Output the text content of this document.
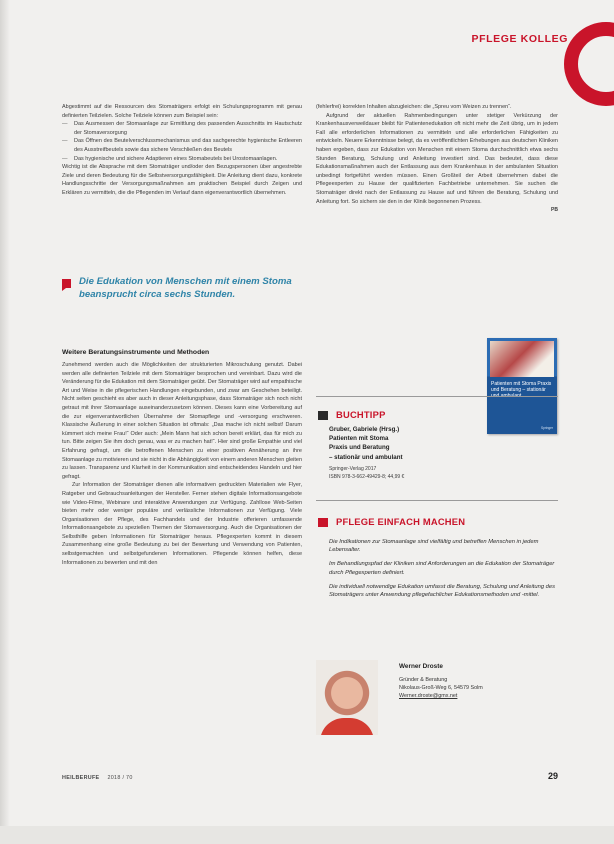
PFLEGE KOLLEG

Abgestimmt auf die Ressourcen des Stomaträgers erfolgt ein Schulungsprogramm mit genau definierten Teilzielen. Solche Teilziele können zum Beispiel sein:

— Das Ausmessen der Stomaanlage zur Ermittlung des passenden Ausschnitts im Hautschutz der Stomaversorgung
— Das Öffnen des Beutelverschlussmechanismus und das sachgerechte hygienische Entleeren des Ausstreifbeutels sowie das sichere Verschließen des Beutels
— Das hygienische und sichere Adaptieren eines Stomabeutels bei Urostomaanlagen.

Wichtig ist die Absprache mit dem Stomaträger und/oder den Bezugspersonen über angestrebte Ziele und deren Bedeutung für die Selbstversorgungsfähigkeit. Die Anleitung dient dazu, konkrete Handlungsschritte der Versorgungsmaßnahmen am praktischen Beispiel durch Zeigen und Erklären zu vermitteln, die die Pflegenden im Verlauf dann eigenverantwortlich übernehmen.

Die Edukation von Menschen mit einem Stoma beansprucht circa sechs Stunden.
Weitere Beratungsinstrumente und Methoden

Zunehmend werden auch die Möglichkeiten der strukturierten Mikroschulung genutzt. Dabei werden alle definierten Teilziele mit dem Stomaträger besprochen und vereinbart. Dazu wird die Veränderung für die Edukation mit dem Stomaträger geübt. Der Stomaträger wird auf empathische Art und Weise in die pflegerischen Handlungen eingebunden, und zwar am Geschehen beteiligt. Nicht selten geschieht es aber auch in dieser Anleitungsphase, dass Stomaträger sich noch nicht getraut mit ihrer Stomaanlage auseinanderzusetzen können. Dieses kann eine Vorbereitung auf die zur eigenverantwortlichen Übernahme der Stomapflege und -versorgung erschweren. Klassische Äußerung in einer solchen Situation ist oftmals: „Das mache ich nicht selbst! Darum kümmert sich meine Frau!“ Oder auch: „Mein Mann hat sich schon bereit erklärt, das für mich zu tun. Bitte zeigen Sie ihm doch genau, was er zu machen hat!“. Hier sind große Empathie und viel Erfahrung gefragt, um die betroffenen Menschen zu einer positiven Annäherung an ihre Stomaanlage zu motivieren und sie nicht in die Abhängigkeit von einem anderen Menschen gleiten zu lassen. Transparenz und Klarheit in der Kommunikation sind entscheidendes Handeln und hier gefragt.

Zur Information der Stomaträger dienen alle informativen gedruckten Materialien wie Flyer, Ratgeber und Gebrauchsanleitungen der Hersteller. Ferner stehen digitale Informationsangebote wie Video-Filme, Webinare und interaktive Anwendungen zur Verfügung. Zahllose Web-Seiten bieten mehr oder weniger populäre und verlässliche Informationen zur Verfügung. Viele Organisationen der Pflege, des Fachhandels und der Industrie offerieren umfassende Informationsangebote zu speziellen Themen der Stomaversorgung. Auch die Organisationen der Selbsthilfe geben Informationen für Stomaträger heraus. Pflegexperten kommt in diesem Zusammenhang eine große Bedeutung zu bei der Bewertung und Verwendung von Patienten, selbstgemachten und selbstgefundenen Informationen. Pflegende können helfen, diese Informationen zu bewerten und mit den

(fehlerfrei) korrekten Inhalten abzugleichen: die „Spreu vom Weizen zu trennen“.

Aufgrund der aktuellen Rahmenbedingungen unter stetiger Verkürzung der Krankenhausverweildauer bleibt für Patientenedukation oft nicht mehr die Zeit übrig, um in jedem Fall alle erforderlichen Informationen zu vermitteln und alle erforderlichen Fähigkeiten zu entwickeln. Neuere Erkenntnisse belegt, da es veröffentlichten Erhebungen aus deutschen Kliniken haben ergeben, dass zur Edukation von Menschen mit einem Stoma durchschnittlich etwa sechs Stunden Beratung, Schulung und Anleitung investiert sind. Das bedeutet, dass diese Edukationsmaßnahmen auch der Entlassung aus dem Krankenhaus in der ambulanten Situation unbedingt fortgeführt werden müssen. Einen Großteil der Arbeit übernehmen dabei die Pflegeexperten zu Hause der qualifizierten Fachbetriebe unternehmen. Sie suchen die Stomaträger direkt nach der Entlassung zu Hause auf und führen die Beratung, Schulung und Anleitung fort. So sichern sie den in der Klinik begonnenen Prozess.

PB
Patienten mit Stoma Praxis und Beratung – stationär
Springer
BUCHTIPP
Gruber, Gabriele (Hrsg.)
Patienten mit Stoma
Praxis und Beratung
– stationär und ambulant
Springer-Verlag 2017
ISBN 978-3-662-49429-8; 44,99 €
PFLEGE EINFACH MACHEN

Die Indikationen zur Stomaanlage sind vielfältig und betreffen Menschen in jedem Lebensalter.

Im Behandlungspfad der Kliniken sind Anforderungen an die Edukation der Stomaträger durch Pflegexperten definiert.

Die individuell notwendige Edukation umfasst die Beratung, Schulung und Anleitung des Stomaträgers unter Anwendung pflegefachlicher Edukationsmethoden und -mittel.

Werner Droste
Gründer & Beratung
Nikolaus-Groß-Weg 6, 54579 Solm
Werner.droste@gmx.net
HEILBERUFE 2018 / 70	29
